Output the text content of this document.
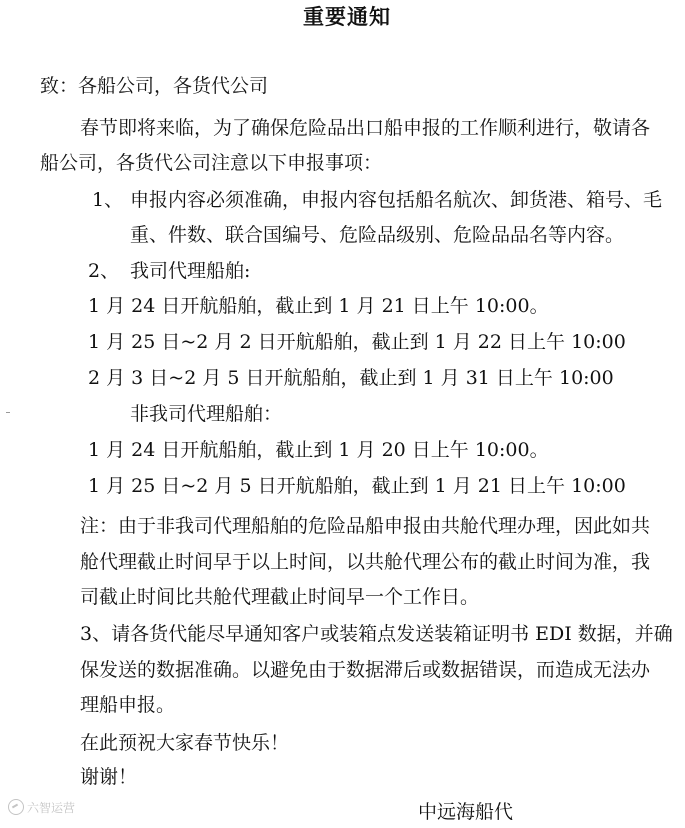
重要通知
致：各船公司，各货代公司
春节即将来临，为了确保危险品出口船申报的工作顺利进行，敬请各
船公司，各货代公司注意以下申报事项：
1、 申报内容必须准确，申报内容包括船名航次、卸货港、箱号、毛
重、件数、联合国编号、危险品级别、危险品品名等内容。
2、 我司代理船舶:
1 月 24 日开航船舶，截止到 1 月 21 日上午 10:00。
1 月 25 日~2 月 2 日开航船舶，截止到 1 月 22 日上午 10:00
2 月 3 日~2 月 5 日开航船舶，截止到 1 月 31 日上午 10:00
非我司代理船舶：
1 月 24 日开航船舶，截止到 1 月 20 日上午 10:00。
1 月 25 日~2 月 5 日开航船舶，截止到 1 月 21 日上午 10:00
注：由于非我司代理船舶的危险品船申报由共舱代理办理，因此如共
舱代理截止时间早于以上时间，以共舱代理公布的截止时间为准，我
司截止时间比共舱代理截止时间早一个工作日。
3、请各货代能尽早通知客户或装箱点发送装箱证明书 EDI 数据，并确
保发送的数据准确。以避免由于数据滞后或数据错误，而造成无法办
理船申报。
在此预祝大家春节快乐！
谢谢！
中远海船代
六智运营
